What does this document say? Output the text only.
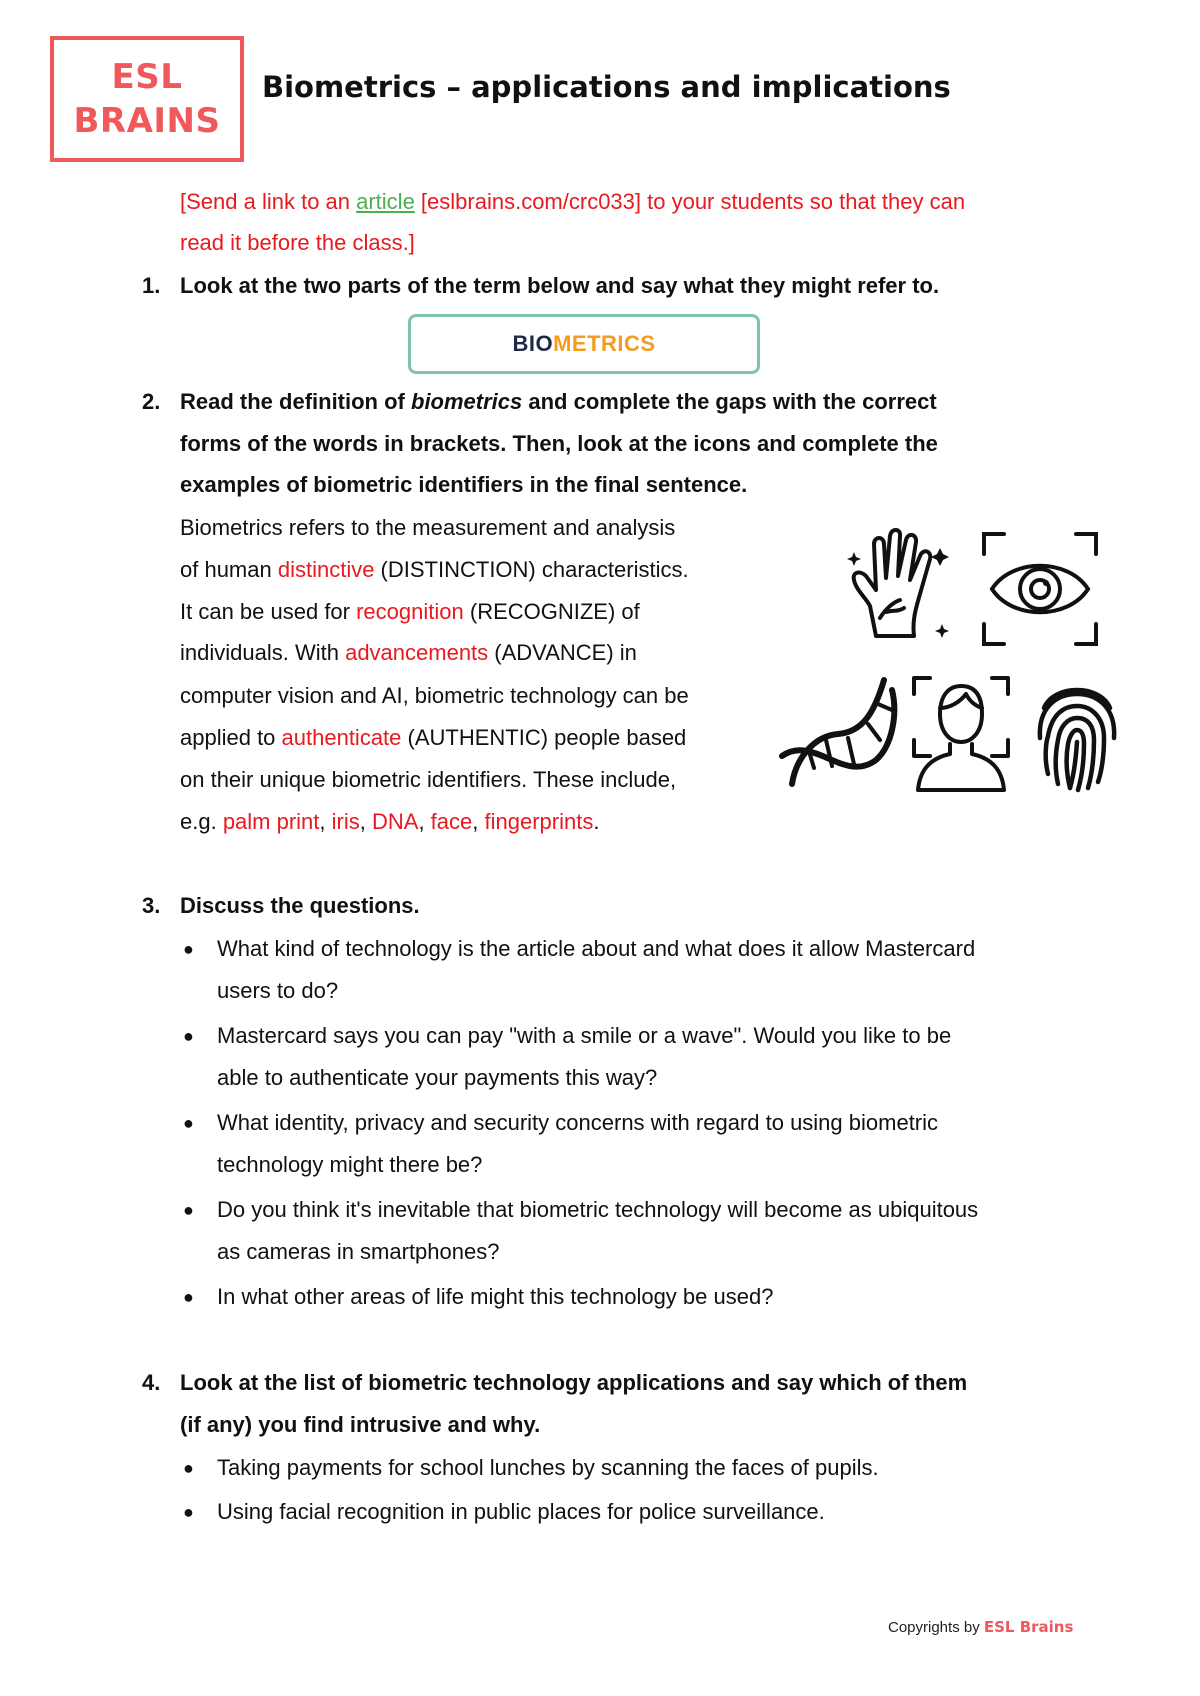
ESL
BRAINS
Biometrics – applications and implications
[Send a link to an article [eslbrains.com/crc033] to your students so that they can
read it before the class.]
1. Look at the two parts of the term below and say what they might refer to.
BIO METRICS
2. Read the definition of biometrics and complete the gaps with the correct
forms of the words in brackets. Then, look at the icons and complete the
examples of biometric identifiers in the final sentence.
Biometrics refers to the measurement and analysis
of human distinctive (DISTINCTION) characteristics.
It can be used for recognition (RECOGNIZE) of
individuals. With advancements (ADVANCE) in
computer vision and AI, biometric technology can be
applied to authenticate (AUTHENTIC) people based
on their unique biometric identifiers. These include,
e.g. palm print, iris, DNA, face, fingerprints.
3. Discuss the questions.
● What kind of technology is the article about and what does it allow Mastercard
users to do?
● Mastercard says you can pay "with a smile or a wave". Would you like to be
able to authenticate your payments this way?
● What identity, privacy and security concerns with regard to using biometric
technology might there be?
● Do you think it's inevitable that biometric technology will become as ubiquitous
as cameras in smartphones?
● In what other areas of life might this technology be used?
4. Look at the list of biometric technology applications and say which of them
(if any) you find intrusive and why.
● Taking payments for school lunches by scanning the faces of pupils.
● Using facial recognition in public places for police surveillance.
Copyrights by ESL Brains
